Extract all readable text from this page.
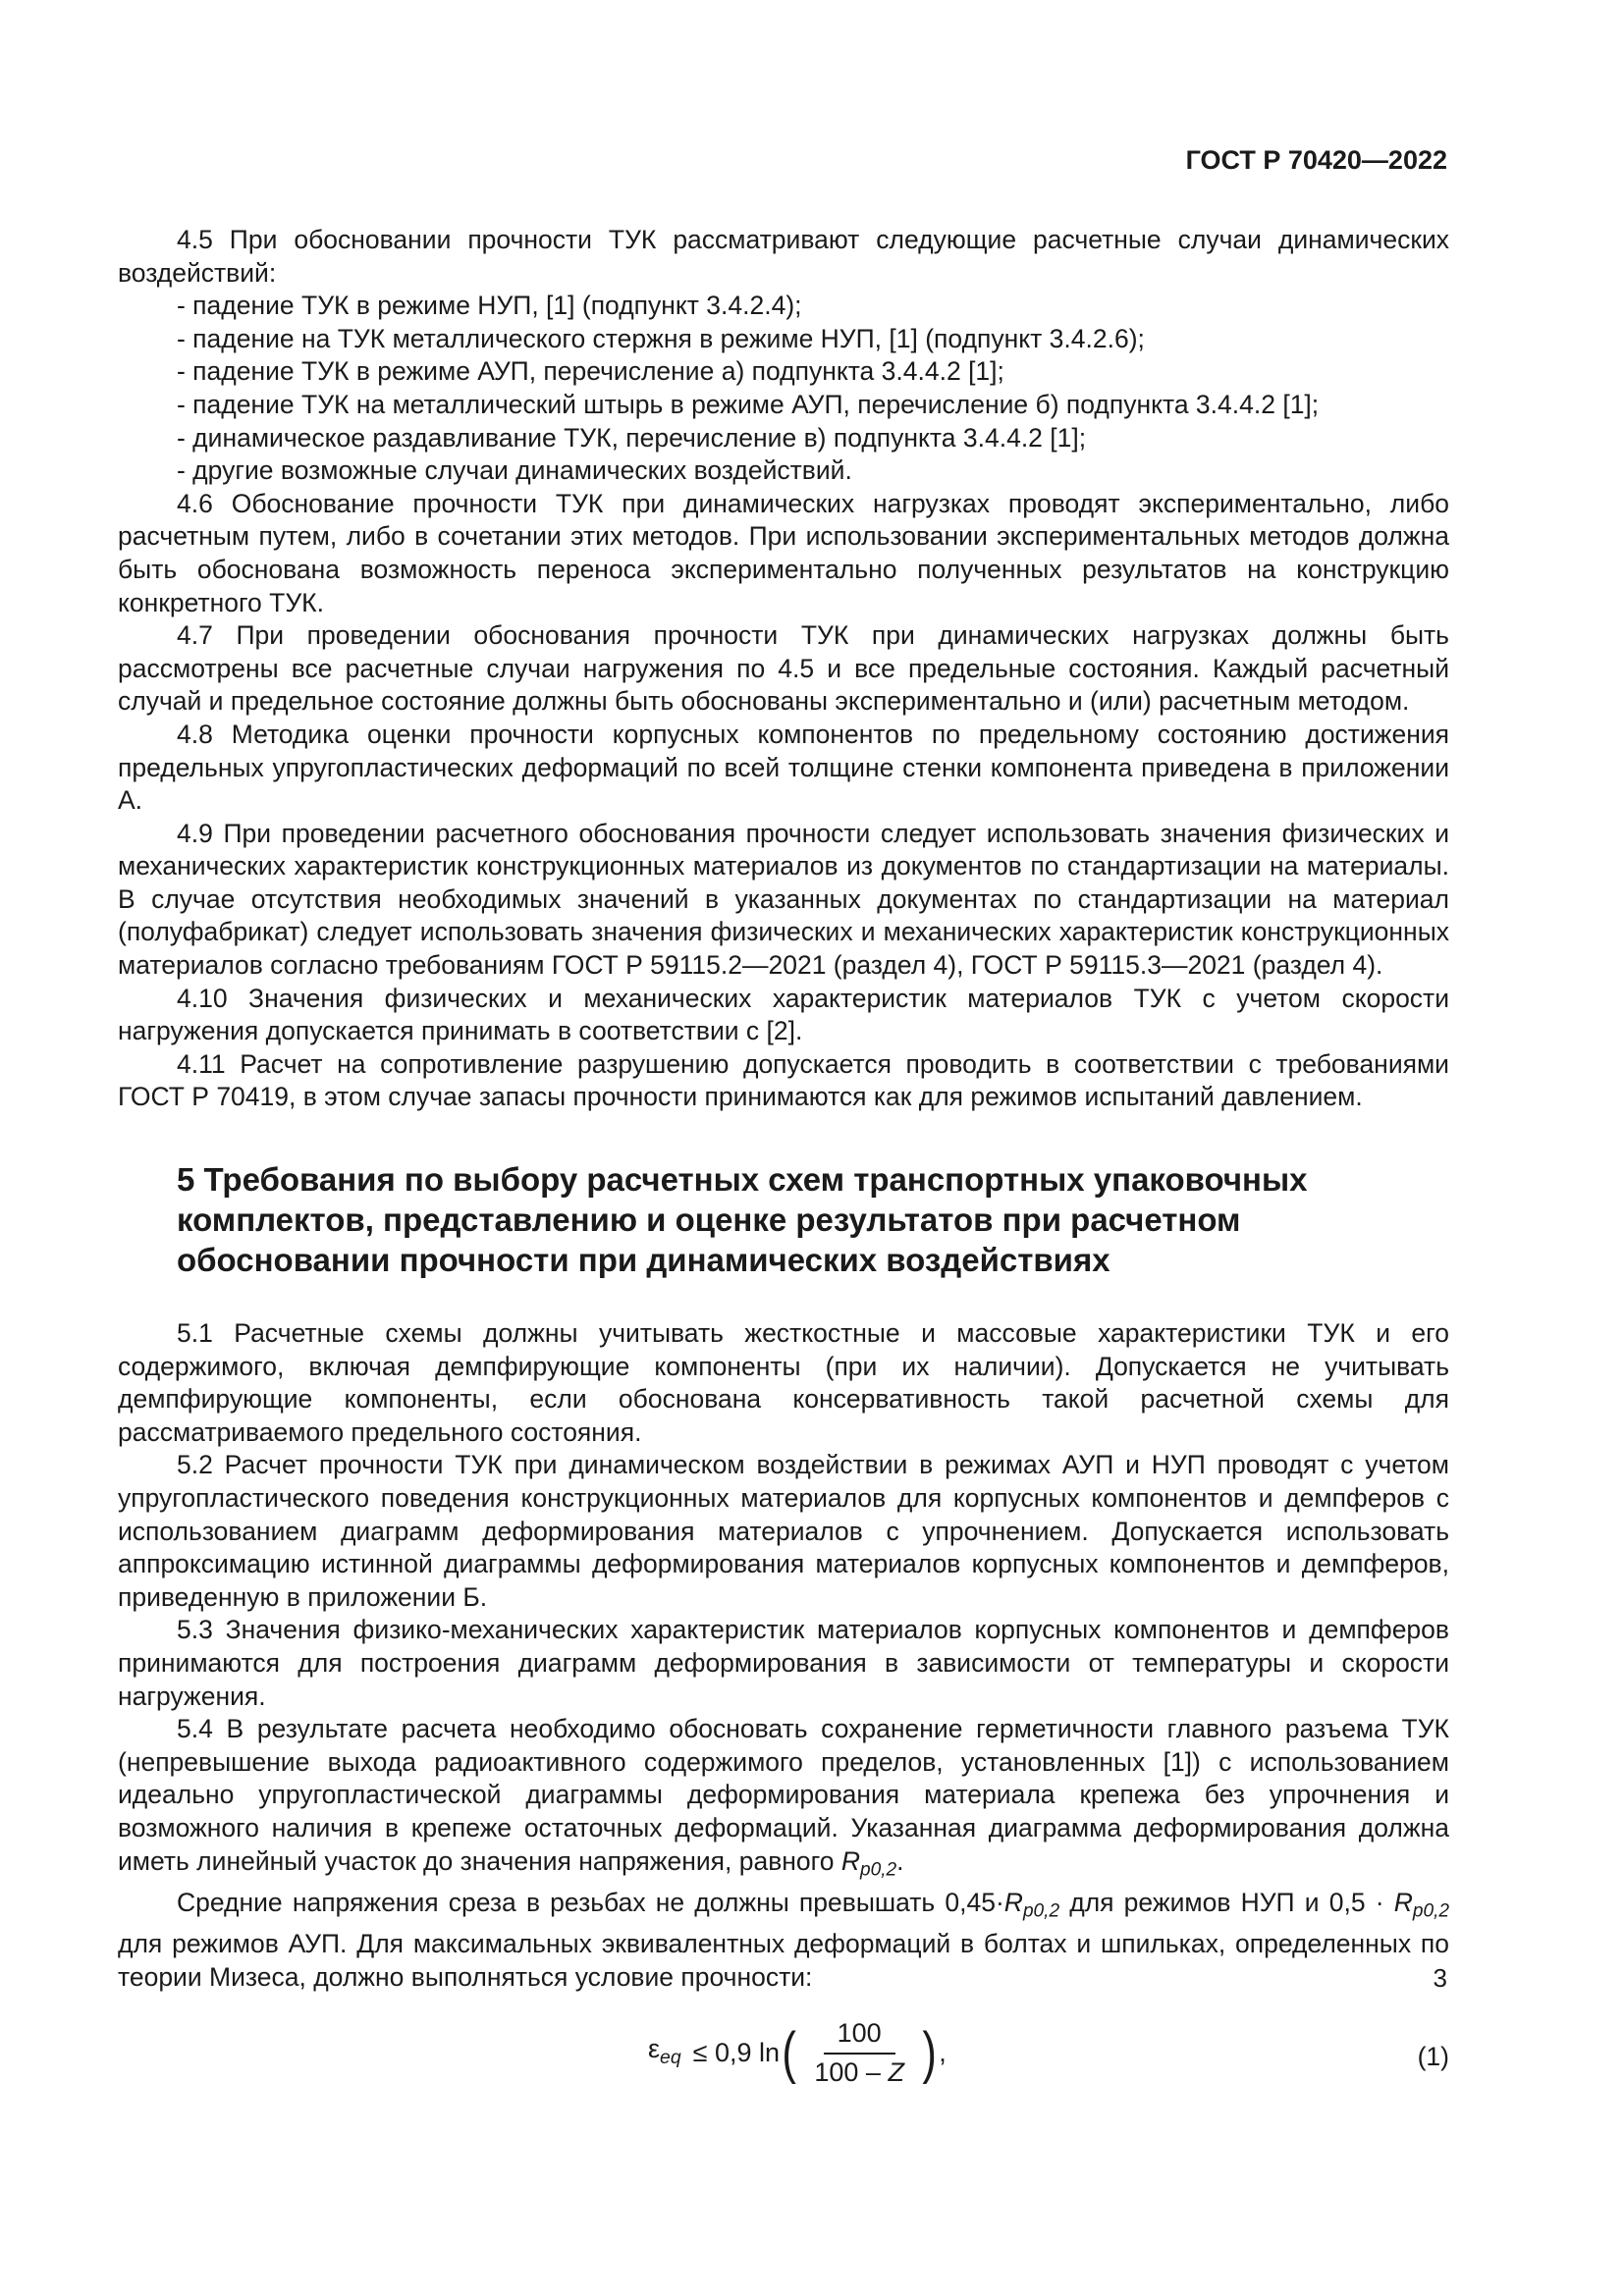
ГОСТ Р 70420—2022

4.5 При обосновании прочности ТУК рассматривают следующие расчетные случаи динамических воздействий:

- падение ТУК в режиме НУП, [1] (подпункт 3.4.2.4);

- падение на ТУК металлического стержня в режиме НУП, [1] (подпункт 3.4.2.6);

- падение ТУК в режиме АУП, перечисление а) подпункта 3.4.4.2 [1];

- падение ТУК на металлический штырь в режиме АУП, перечисление б) подпункта 3.4.4.2 [1];

- динамическое раздавливание ТУК, перечисление в) подпункта 3.4.4.2 [1];

- другие возможные случаи динамических воздействий.

4.6 Обоснование прочности ТУК при динамических нагрузках проводят экспериментально, либо расчетным путем, либо в сочетании этих методов. При использовании экспериментальных методов должна быть обоснована возможность переноса экспериментально полученных результатов на конструкцию конкретного ТУК.

4.7 При проведении обоснования прочности ТУК при динамических нагрузках должны быть рассмотрены все расчетные случаи нагружения по 4.5 и все предельные состояния. Каждый расчетный случай и предельное состояние должны быть обоснованы экспериментально и (или) расчетным методом.

4.8 Методика оценки прочности корпусных компонентов по предельному состоянию достижения предельных упругопластических деформаций по всей толщине стенки компонента приведена в приложении А.

4.9 При проведении расчетного обоснования прочности следует использовать значения физических и механических характеристик конструкционных материалов из документов по стандартизации на материалы. В случае отсутствия необходимых значений в указанных документах по стандартизации на материал (полуфабрикат) следует использовать значения физических и механических характеристик конструкционных материалов согласно требованиям ГОСТ Р 59115.2—2021 (раздел 4), ГОСТ Р 59115.3—2021 (раздел 4).

4.10 Значения физических и механических характеристик материалов ТУК с учетом скорости нагружения допускается принимать в соответствии с [2].

4.11 Расчет на сопротивление разрушению допускается проводить в соответствии с требованиями ГОСТ Р 70419, в этом случае запасы прочности принимаются как для режимов испытаний давлением.

5 Требования по выбору расчетных схем транспортных упаковочных комплектов, представлению и оценке результатов при расчетном обосновании прочности при динамических воздействиях

5.1 Расчетные схемы должны учитывать жесткостные и массовые характеристики ТУК и его содержимого, включая демпфирующие компоненты (при их наличии). Допускается не учитывать демпфирующие компоненты, если обоснована консервативность такой расчетной схемы для рассматриваемого предельного состояния.

5.2 Расчет прочности ТУК при динамическом воздействии в режимах АУП и НУП проводят с учетом упругопластического поведения конструкционных материалов для корпусных компонентов и демпферов с использованием диаграмм деформирования материалов с упрочнением. Допускается использовать аппроксимацию истинной диаграммы деформирования материалов корпусных компонентов и демпферов, приведенную в приложении Б.

5.3 Значения физико-механических характеристик материалов корпусных компонентов и демпферов принимаются для построения диаграмм деформирования в зависимости от температуры и скорости нагружения.

5.4 В результате расчета необходимо обосновать сохранение герметичности главного разъема ТУК (непревышение выхода радиоактивного содержимого пределов, установленных [1]) с использованием идеально упругопластической диаграммы деформирования материала крепежа без упрочнения и возможного наличия в крепеже остаточных деформаций. Указанная диаграмма деформирования должна иметь линейный участок до значения напряжения, равного $R_{p0,2}$.

Средние напряжения среза в резьбах не должны превышать $0,45\cdot R_{p0,2}$ для режимов НУП и $0,5 \cdot R_{p0,2}$ для режимов АУП. Для максимальных эквивалентных деформаций в болтах и шпильках, определенных по теории Мизеса, должно выполняться условие прочности:

$\varepsilon_{eq} \le 0,9$ ln ( $\frac{100}{100 - Z}$ ) ,	(1)
3
